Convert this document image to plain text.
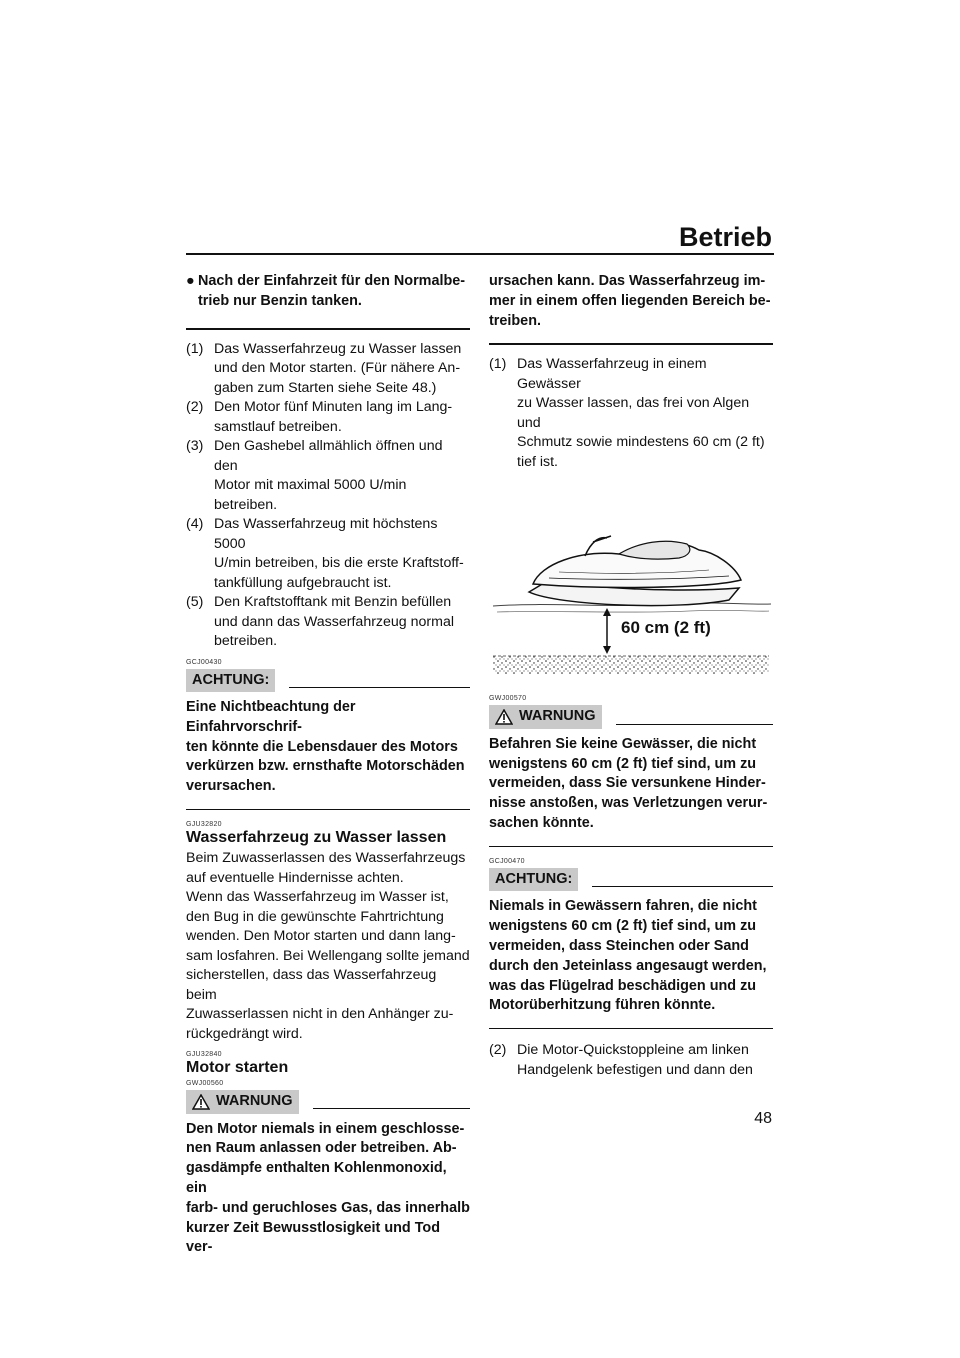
Betrieb
● Nach der Einfahrzeit für den Normalbe-
trieb nur Benzin tanken.
(1) Das Wasserfahrzeug zu Wasser lassen
und den Motor starten. (Für nähere An-
gaben zum Starten siehe Seite 48.)
(2) Den Motor fünf Minuten lang im Lang-
samstlauf betreiben.
(3) Den Gashebel allmählich öffnen und den
Motor mit maximal 5000 U/min betreiben.
(4) Das Wasserfahrzeug mit höchstens 5000
U/min betreiben, bis die erste Kraftstoff-
tankfüllung aufgebraucht ist.
(5) Den Kraftstofftank mit Benzin befüllen
und dann das Wasserfahrzeug normal
betreiben.
GCJ00430
ACHTUNG:
Eine Nichtbeachtung der Einfahrvorschrif-
ten könnte die Lebensdauer des Motors
verkürzen bzw. ernsthafte Motorschäden
verursachen.
GJU32820
Wasserfahrzeug zu Wasser lassen
Beim Zuwasserlassen des Wasserfahrzeugs
auf eventuelle Hindernisse achten.
Wenn das Wasserfahrzeug im Wasser ist,
den Bug in die gewünschte Fahrtrichtung
wenden. Den Motor starten und dann lang-
sam losfahren. Bei Wellengang sollte jemand
sicherstellen, dass das Wasserfahrzeug beim
Zuwasserlassen nicht in den Anhänger zu-
rückgedrängt wird.
GJU32840
Motor starten
GWJ00560
WARNUNG
Den Motor niemals in einem geschlosse-
nen Raum anlassen oder betreiben. Ab-
gasdämpfe enthalten Kohlenmonoxid, ein
farb- und geruchloses Gas, das innerhalb
kurzer Zeit Bewusstlosigkeit und Tod ver-
ursachen kann. Das Wasserfahrzeug im-
mer in einem offen liegenden Bereich be-
treiben.
(1) Das Wasserfahrzeug in einem Gewässer
zu Wasser lassen, das frei von Algen und
Schmutz sowie mindestens 60 cm (2 ft)
tief ist.
60 cm (2 ft)
GWJ00570
WARNUNG
Befahren Sie keine Gewässer, die nicht
wenigstens 60 cm (2 ft) tief sind, um zu
vermeiden, dass Sie versunkene Hinder-
nisse anstoßen, was Verletzungen verur-
sachen könnte.
GCJ00470
ACHTUNG:
Niemals in Gewässern fahren, die nicht
wenigstens 60 cm (2 ft) tief sind, um zu
vermeiden, dass Steinchen oder Sand
durch den Jeteinlass angesaugt werden,
was das Flügelrad beschädigen und zu
Motorüberhitzung führen könnte.
(2) Die Motor-Quickstoppleine am linken
Handgelenk befestigen und dann den
48
